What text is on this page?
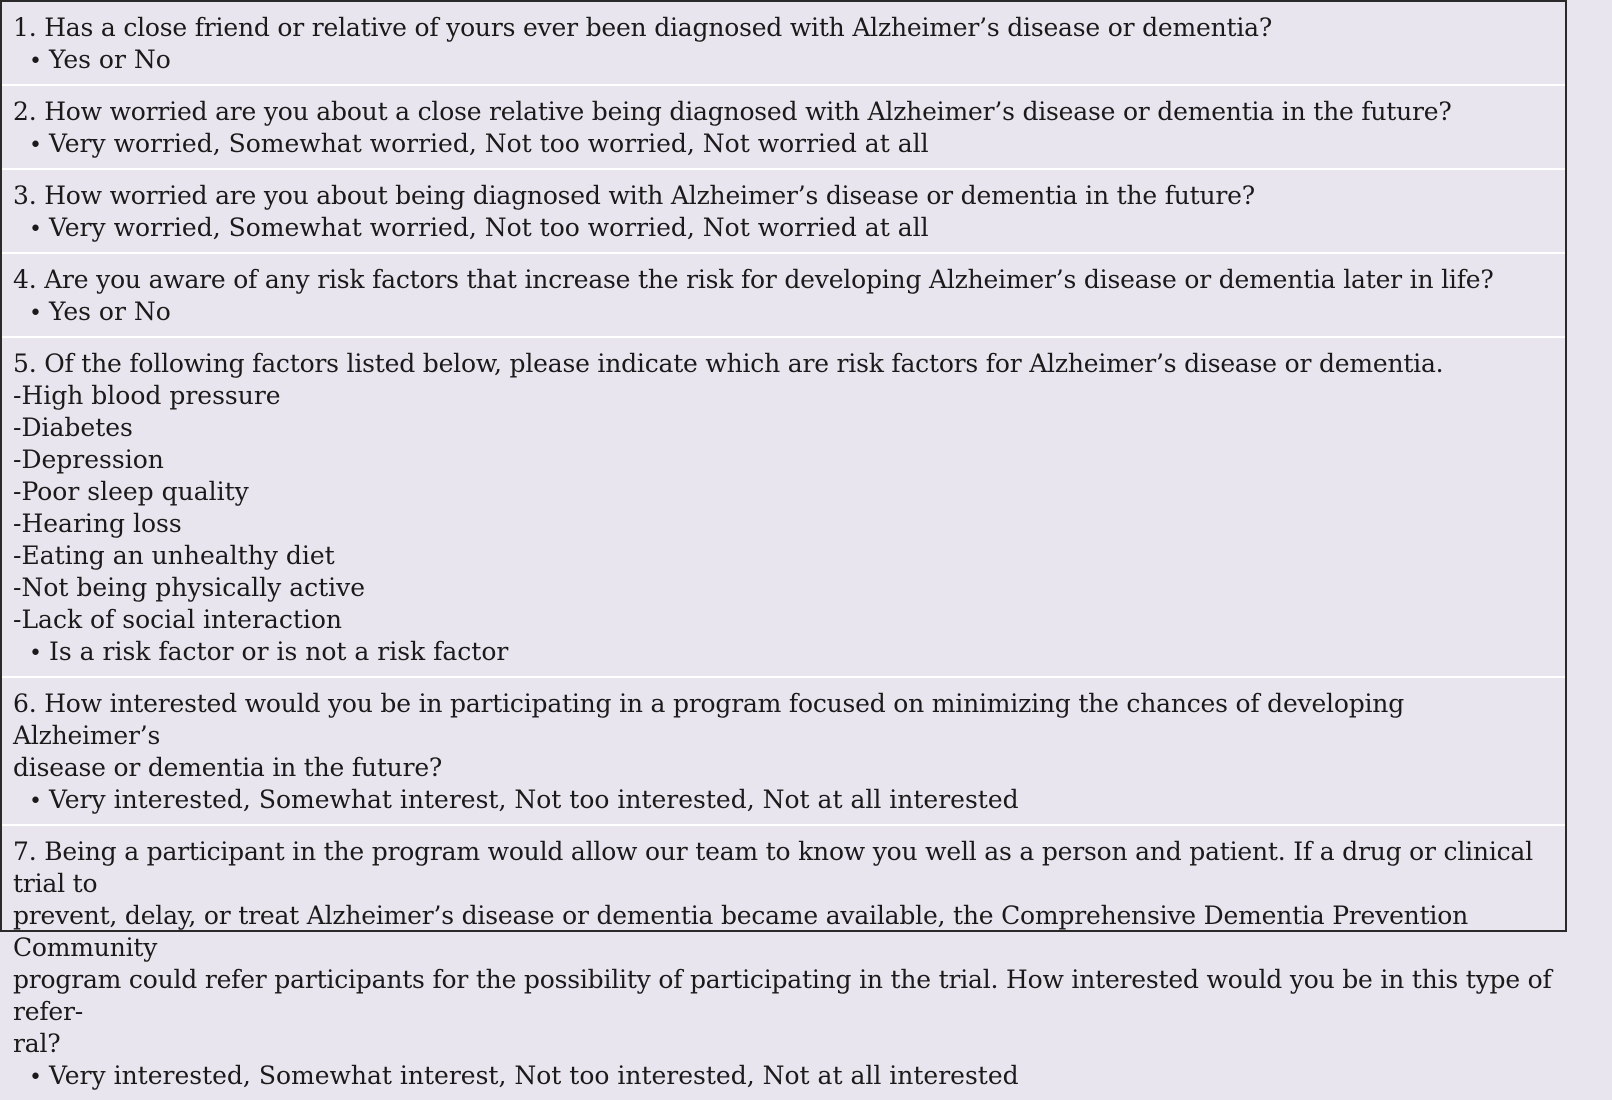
1. Has a close friend or relative of yours ever been diagnosed with Alzheimer’s disease or dementia?

• Yes or No

2. How worried are you about a close relative being diagnosed with Alzheimer’s disease or dementia in the future?

• Very worried, Somewhat worried, Not too worried, Not worried at all

3. How worried are you about being diagnosed with Alzheimer’s disease or dementia in the future?

• Very worried, Somewhat worried, Not too worried, Not worried at all

4. Are you aware of any risk factors that increase the risk for developing Alzheimer’s disease or dementia later in life?

• Yes or No

5. Of the following factors listed below, please indicate which are risk factors for Alzheimer’s disease or dementia.

-High blood pressure

-Diabetes

-Depression

-Poor sleep quality

-Hearing loss

-Eating an unhealthy diet

-Not being physically active

-Lack of social interaction

• Is a risk factor or is not a risk factor

6. How interested would you be in participating in a program focused on minimizing the chances of developing Alzheimer’s

disease or dementia in the future?

• Very interested, Somewhat interest, Not too interested, Not at all interested

7. Being a participant in the program would allow our team to know you well as a person and patient. If a drug or clinical trial to

prevent, delay, or treat Alzheimer’s disease or dementia became available, the Comprehensive Dementia Prevention Community

program could refer participants for the possibility of participating in the trial. How interested would you be in this type of refer-

ral?

• Very interested, Somewhat interest, Not too interested, Not at all interested
